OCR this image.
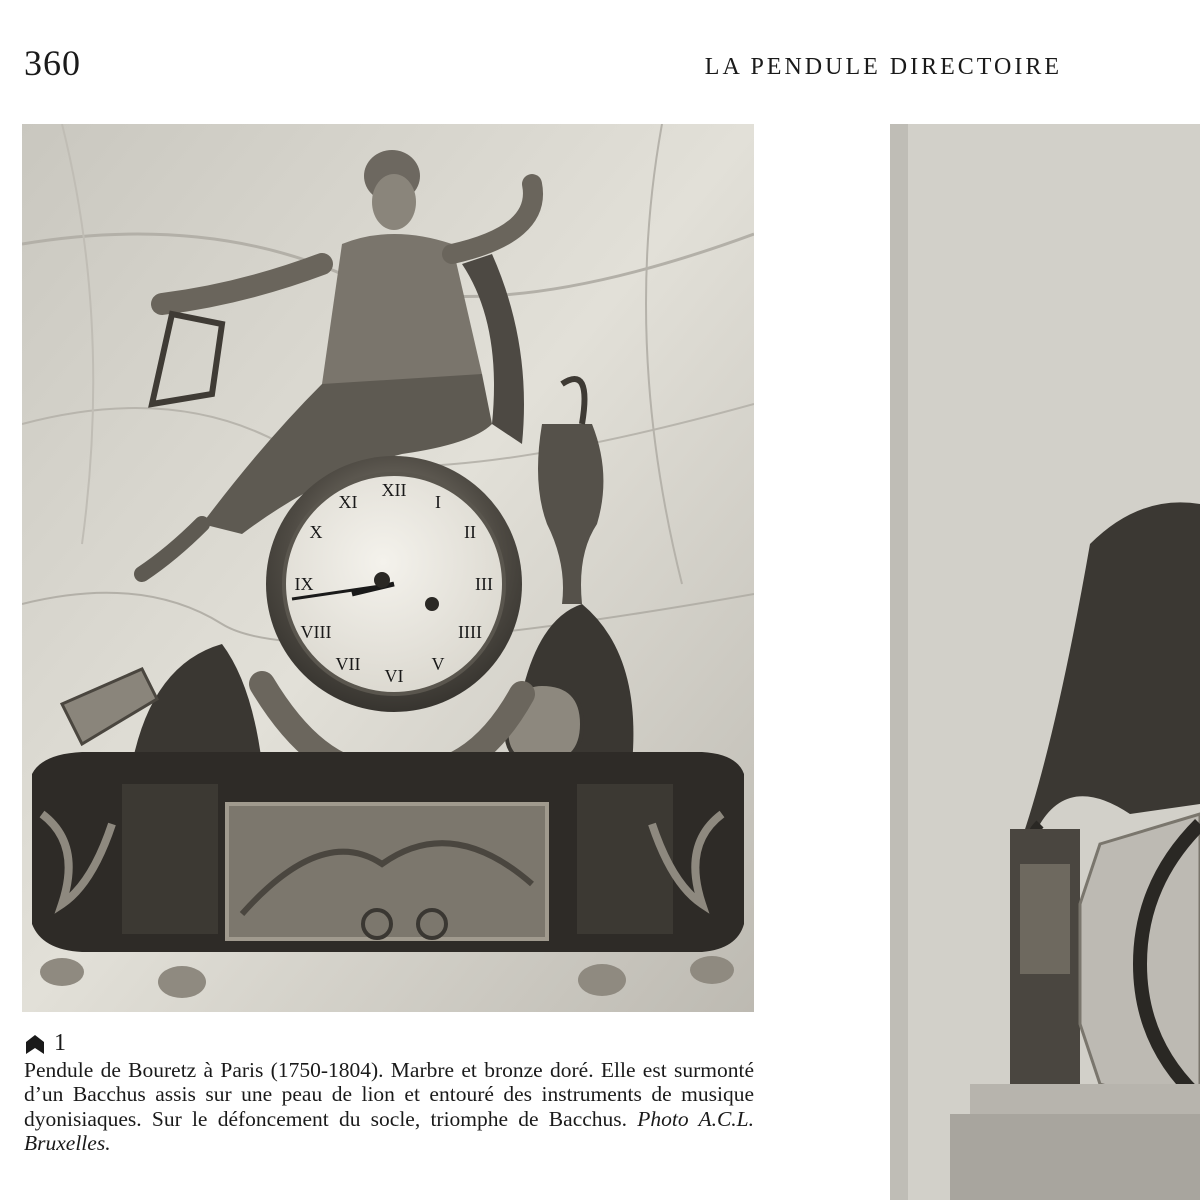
360	LA PENDULE DIRECTOIRE
XII
I
II
III
IIII
V
VI
VII
VIII
IX
X
XI
1
Pendule de Bouretz à Paris (1750-1804). Marbre et bronze doré. Elle est surmonté d’un Bacchus assis sur une peau de lion et entouré des instruments de musique dyonisiaques. Sur le défoncement du socle, triomphe de Bacchus. Photo A.C.L. Bruxelles.
